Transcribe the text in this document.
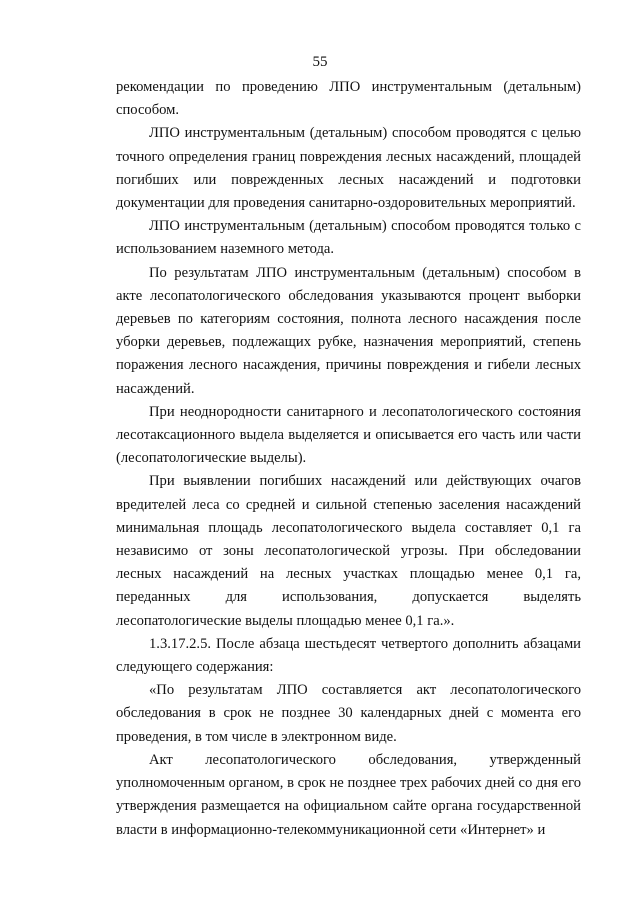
55

рекомендации по проведению ЛПО инструментальным (детальным) способом.

ЛПО инструментальным (детальным) способом проводятся с целью точного определения границ повреждения лесных насаждений, площадей погибших или поврежденных лесных насаждений и подготовки документации для проведения санитарно-оздоровительных мероприятий.

ЛПО инструментальным (детальным) способом проводятся только с использованием наземного метода.

По результатам ЛПО инструментальным (детальным) способом в акте лесопатологического обследования указываются процент выборки деревьев по категориям состояния, полнота лесного насаждения после уборки деревьев, подлежащих рубке, назначения мероприятий, степень поражения лесного насаждения, причины повреждения и гибели лесных насаждений.

При неоднородности санитарного и лесопатологического состояния лесотаксационного выдела выделяется и описывается его часть или части (лесопатологические выделы).

При выявлении погибших насаждений или действующих очагов вредителей леса со средней и сильной степенью заселения насаждений минимальная площадь лесопатологического выдела составляет 0,1 га независимо от зоны лесопатологической угрозы. При обследовании лесных насаждений на лесных участках площадью менее 0,1 га, переданных для использования, допускается выделять лесопатологические выделы площадью менее 0,1 га.».

1.3.17.2.5. После абзаца шестьдесят четвертого дополнить абзацами следующего содержания:

«По результатам ЛПО составляется акт лесопатологического обследования в срок не позднее 30 календарных дней с момента его проведения, в том числе в электронном виде.

Акт лесопатологического обследования, утвержденный уполномоченным органом, в срок не позднее трех рабочих дней со дня его утверждения размещается на официальном сайте органа государственной власти в информационно-телекоммуникационной сети «Интернет» и
